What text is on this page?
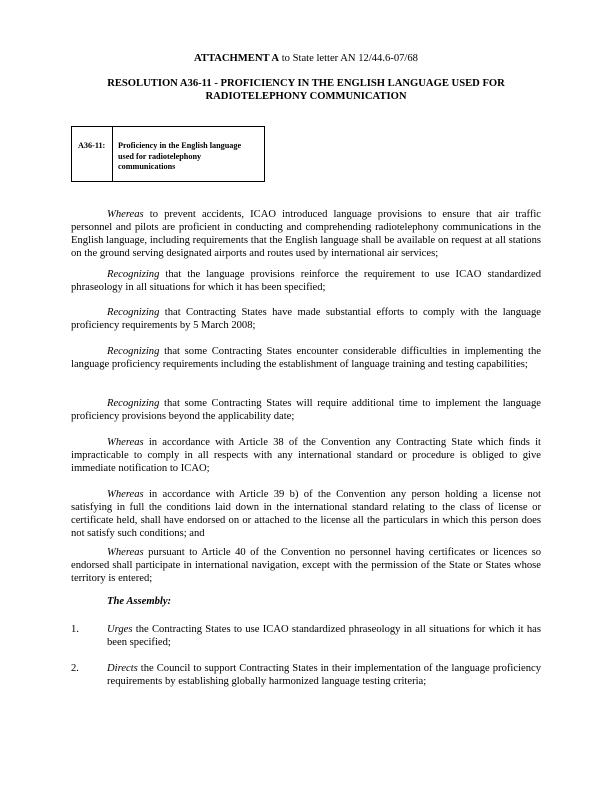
ATTACHMENT A to State letter AN 12/44.6-07/68
RESOLUTION A36-11 - PROFICIENCY IN THE ENGLISH LANGUAGE USED FOR RADIOTELEPHONY COMMUNICATION
A36-11:	Proficiency in the English language used for radiotelephony communications
Whereas to prevent accidents, ICAO introduced language provisions to ensure that air traffic personnel and pilots are proficient in conducting and comprehending radiotelephony communications in the English language, including requirements that the English language shall be available on request at all stations on the ground serving designated airports and routes used by international air services;
Recognizing that the language provisions reinforce the requirement to use ICAO standardized phraseology in all situations for which it has been specified;
Recognizing that Contracting States have made substantial efforts to comply with the language proficiency requirements by 5 March 2008;
Recognizing that some Contracting States encounter considerable difficulties in implementing the language proficiency requirements including the establishment of language training and testing capabilities;
Recognizing that some Contracting States will require additional time to implement the language proficiency provisions beyond the applicability date;
Whereas in accordance with Article 38 of the Convention any Contracting State which finds it impracticable to comply in all respects with any international standard or procedure is obliged to give immediate notification to ICAO;
Whereas in accordance with Article 39 b) of the Convention any person holding a license not satisfying in full the conditions laid down in the international standard relating to the class of license or certificate held, shall have endorsed on or attached to the license all the particulars in which this person does not satisfy such conditions; and
Whereas pursuant to Article 40 of the Convention no personnel having certificates or licences so endorsed shall participate in international navigation, except with the permission of the State or States whose territory is entered;
The Assembly:
1.	Urges the Contracting States to use ICAO standardized phraseology in all situations for which it has been specified;
2.	Directs the Council to support Contracting States in their implementation of the language proficiency requirements by establishing globally harmonized language testing criteria;
